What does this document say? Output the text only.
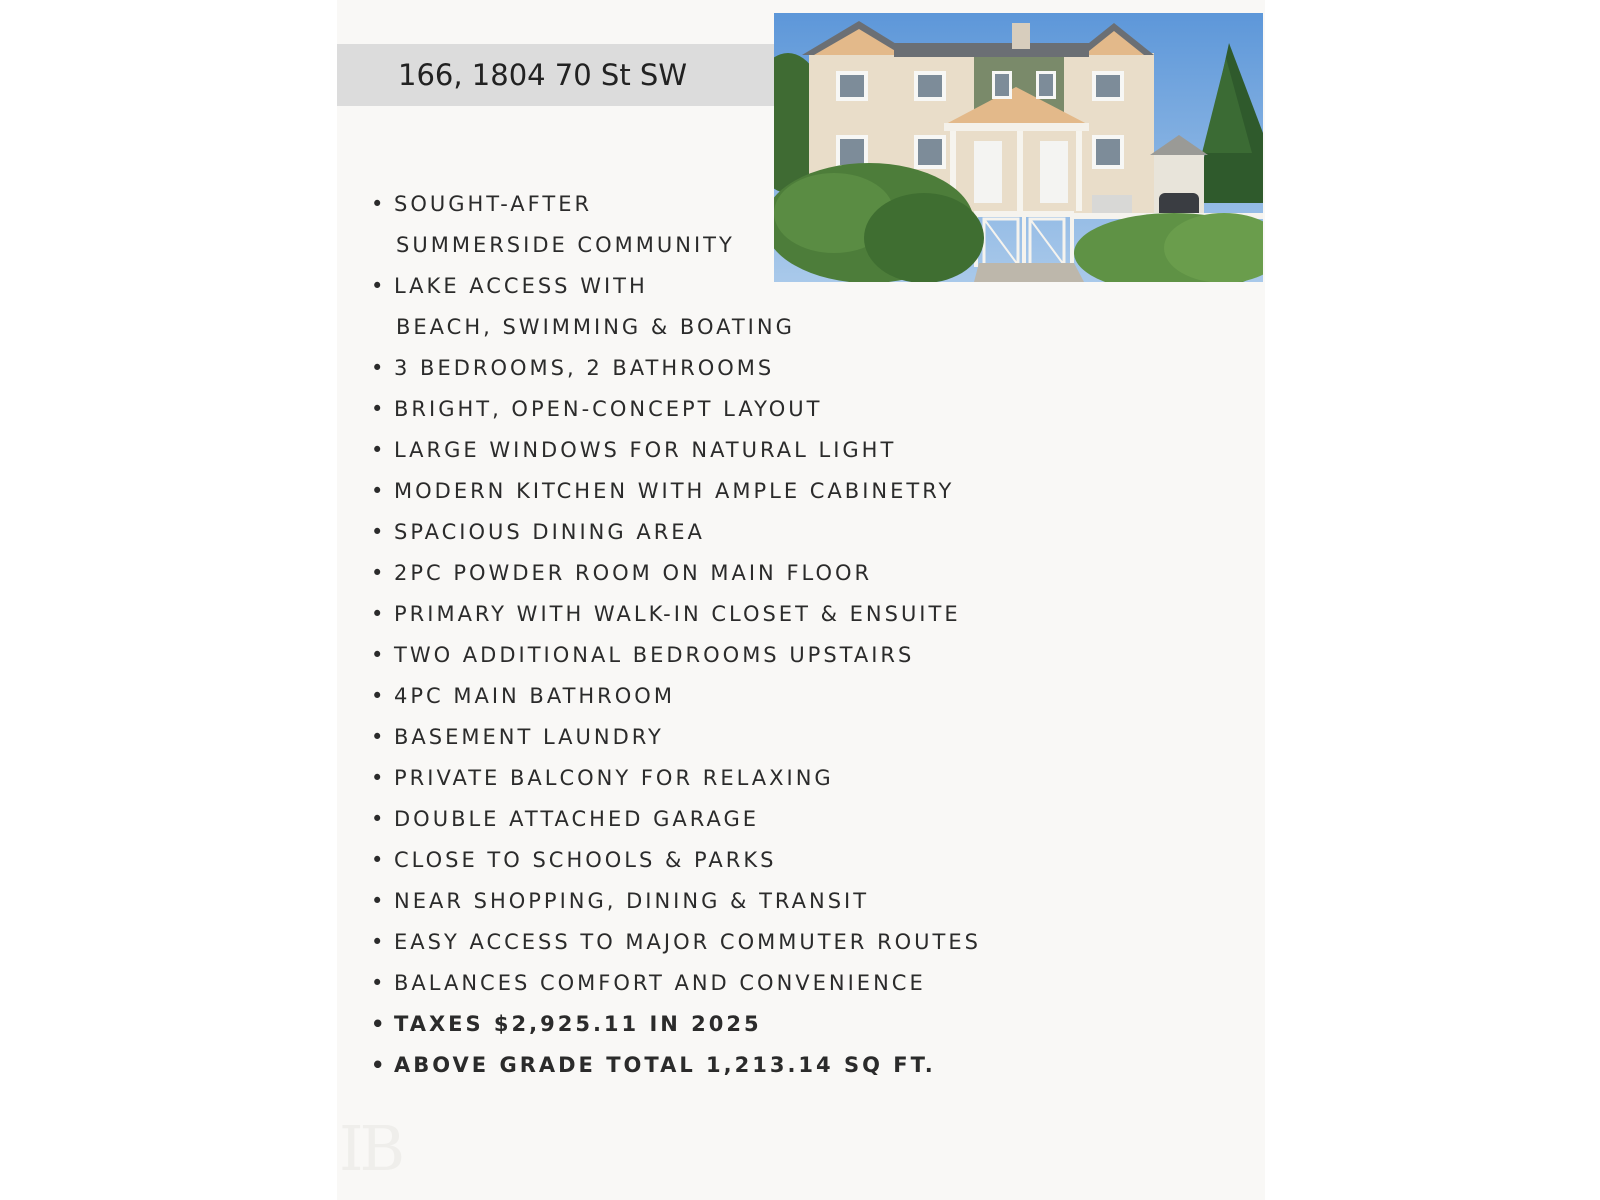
166, 1804 70 St SW
• SOUGHT-AFTER
SUMMERSIDE COMMUNITY
• LAKE ACCESS WITH
BEACH, SWIMMING & BOATING
• 3 BEDROOMS, 2 BATHROOMS
• BRIGHT, OPEN-CONCEPT LAYOUT
• LARGE WINDOWS FOR NATURAL LIGHT
• MODERN KITCHEN WITH AMPLE CABINETRY
• SPACIOUS DINING AREA
• 2PC POWDER ROOM ON MAIN FLOOR
• PRIMARY WITH WALK-IN CLOSET & ENSUITE
• TWO ADDITIONAL BEDROOMS UPSTAIRS
• 4PC MAIN BATHROOM
• BASEMENT LAUNDRY
• PRIVATE BALCONY FOR RELAXING
• DOUBLE ATTACHED GARAGE
• CLOSE TO SCHOOLS & PARKS
• NEAR SHOPPING, DINING & TRANSIT
• EASY ACCESS TO MAJOR COMMUTER ROUTES
• BALANCES COMFORT AND CONVENIENCE
• TAXES $2,925.11 IN 2025
• ABOVE GRADE TOTAL 1,213.14 SQ FT.
IB
